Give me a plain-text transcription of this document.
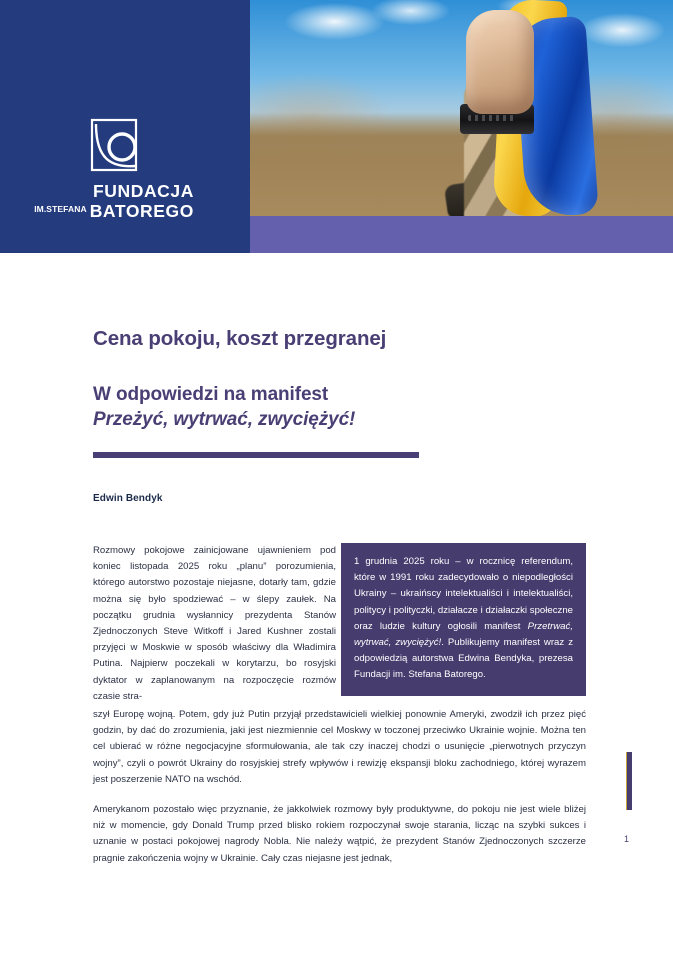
FUNDACJA
IM.STEFANA BATOREGO
Cena pokoju, koszt przegranej
W odpowiedzi na manifest
Przeżyć, wytrwać, zwyciężyć!
Edwin Bendyk
1 grudnia 2025 roku – w rocznicę referendum, które w 1991 roku zadecydowało o niepodległości Ukrainy – ukraińscy intelektualiści i intelektualiści, politycy i polityczki, działacze i działaczki społeczne oraz ludzie kultury ogłosili manifest Przetrwać, wytrwać, zwyciężyć!. Publikujemy manifest wraz z odpowiedzią autorstwa Edwina Bendyka, prezesa Fundacji im. Stefana Batorego.
Rozmowy pokojowe zainicjowane ujawnieniem pod koniec listopada 2025 roku „planu” porozumienia, którego autorstwo pozostaje niejasne, dotarły tam, gdzie można się było spodziewać – w ślepy zaułek. Na początku grudnia wysłannicy prezydenta Stanów Zjednoczonych Steve Witkoff i Jared Kushner zostali przyjęci w Moskwie w sposób właściwy dla Władimira Putina. Najpierw poczekali w korytarzu, bo rosyjski dyktator w zaplanowanym na rozpoczęcie rozmów czasie stra-

szył Europę wojną. Potem, gdy już Putin przyjął przedstawicieli wielkiej ponownie Ameryki, zwodził ich przez pięć godzin, by dać do zrozumienia, jaki jest niezmiennie cel Moskwy w toczonej przeciwko Ukrainie wojnie. Można ten cel ubierać w różne negocjacyjne sformułowania, ale tak czy inaczej chodzi o usunięcie „pierwotnych przyczyn wojny”, czyli o powrót Ukrainy do rosyjskiej strefy wpływów i rewizję ekspansji bloku zachodniego, której wyrazem jest poszerzenie NATO na wschód.

Amerykanom pozostało więc przyznanie, że jakkolwiek rozmowy były produktywne, do pokoju nie jest wiele bliżej niż w momencie, gdy Donald Trump przed blisko rokiem rozpoczynał swoje starania, licząc na szybki sukces i uznanie w postaci pokojowej nagrody Nobla. Nie należy wątpić, że prezydent Stanów Zjednoczonych szczerze pragnie zakończenia wojny w Ukrainie. Cały czas niejasne jest jednak,

1
